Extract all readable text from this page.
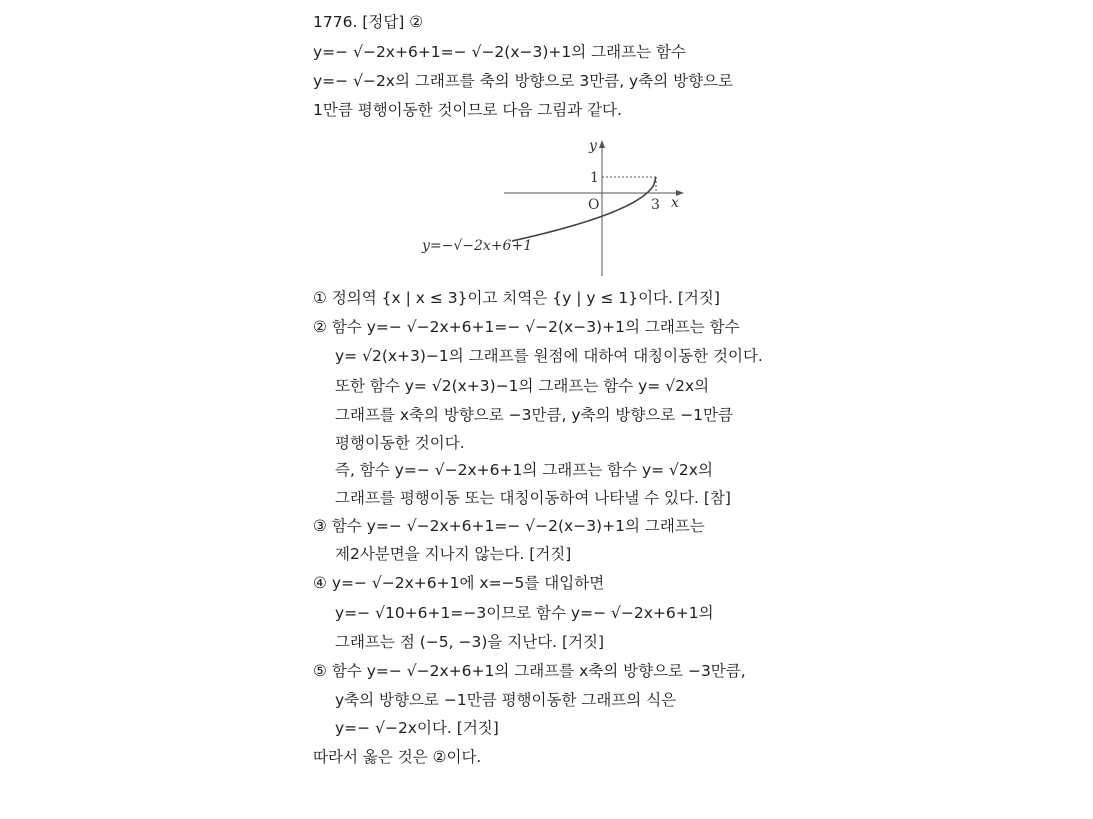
1776. [정답] ②
y=− √−2x+6+1=− √−2(x−3)+1의 그래프는 함수
y=− √−2x의 그래프를 축의 방향으로 3만큼, y축의 방향으로
1만큼 평행이동한 것이므로 다음 그림과 같다.
y
x
O
1
3
y=−√−2x+6+1
① 정의역 {x | x ≤ 3}이고 치역은 {y | y ≤ 1}이다. [거짓]
② 함수 y=− √−2x+6+1=− √−2(x−3)+1의 그래프는 함수
y= √2(x+3)−1의 그래프를 원점에 대하여 대칭이동한 것이다.
또한 함수 y= √2(x+3)−1의 그래프는 함수 y= √2x의
그래프를 x축의 방향으로 −3만큼, y축의 방향으로 −1만큼
평행이동한 것이다.
즉, 함수 y=− √−2x+6+1의 그래프는 함수 y= √2x의
그래프를 평행이동 또는 대칭이동하여 나타낼 수 있다. [참]
③ 함수 y=− √−2x+6+1=− √−2(x−3)+1의 그래프는
제2사분면을 지나지 않는다. [거짓]
④ y=− √−2x+6+1에 x=−5를 대입하면
y=− √10+6+1=−3이므로 함수 y=− √−2x+6+1의
그래프는 점 (−5, −3)을 지난다. [거짓]
⑤ 함수 y=− √−2x+6+1의 그래프를 x축의 방향으로 −3만큼,
y축의 방향으로 −1만큼 평행이동한 그래프의 식은
y=− √−2x이다. [거짓]
따라서 옳은 것은 ②이다.
